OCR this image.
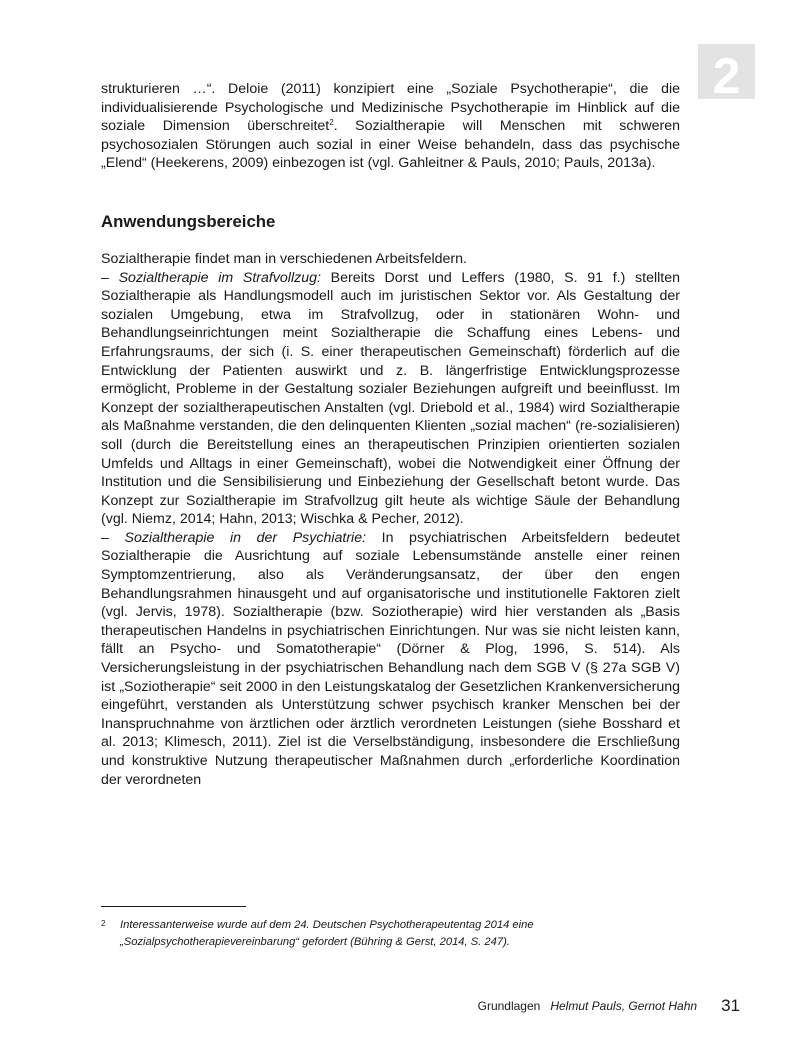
2

strukturieren …“. Deloie (2011) konzipiert eine „Soziale Psychotherapie“, die die individualisierende Psychologische und Medizinische Psychotherapie im Hinblick auf die soziale Dimension überschreitet$^2$. Sozialtherapie will Menschen mit schweren psychosozialen Störungen auch sozial in einer Weise behandeln, dass das psychische „Elend“ (Heekerens, 2009) einbezogen ist (vgl. Gahleitner & Pauls, 2010; Pauls, 2013a).

Anwendungsbereiche

Sozialtherapie findet man in verschiedenen Arbeitsfeldern.

– Sozialtherapie im Strafvollzug: Bereits Dorst und Leffers (1980, S. 91 f.) stellten Sozialtherapie als Handlungsmodell auch im juristischen Sektor vor. Als Gestaltung der sozialen Umgebung, etwa im Strafvollzug, oder in stationären Wohn- und Behandlungseinrichtungen meint Sozialtherapie die Schaffung eines Lebens- und Erfahrungsraums, der sich (i. S. einer therapeutischen Gemeinschaft) förderlich auf die Entwicklung der Patienten auswirkt und z. B. längerfristige Entwicklungsprozesse ermöglicht, Probleme in der Gestaltung sozialer Beziehungen aufgreift und beeinflusst. Im Konzept der sozialtherapeutischen Anstalten (vgl. Driebold et al., 1984) wird Sozialtherapie als Maßnahme verstanden, die den delinquenten Klienten „sozial machen“ (re-sozialisieren) soll (durch die Bereitstellung eines an therapeutischen Prinzipien orientierten sozialen Umfelds und Alltags in einer Gemeinschaft), wobei die Notwendigkeit einer Öffnung der Institution und die Sensibilisierung und Einbeziehung der Gesellschaft betont wurde. Das Konzept zur Sozialtherapie im Strafvollzug gilt heute als wichtige Säule der Behandlung (vgl. Niemz, 2014; Hahn, 2013; Wischka & Pecher, 2012).

– Sozialtherapie in der Psychiatrie: In psychiatrischen Arbeitsfeldern bedeutet Sozialtherapie die Ausrichtung auf soziale Lebensumstände anstelle einer reinen Symptomzentrierung, also als Veränderungsansatz, der über den engen Behandlungsrahmen hinausgeht und auf organisatorische und institutionelle Faktoren zielt (vgl. Jervis, 1978). Sozialtherapie (bzw. Soziotherapie) wird hier verstanden als „Basis therapeutischen Handelns in psychiatrischen Einrichtungen. Nur was sie nicht leisten kann, fällt an Psycho- und Somatotherapie“ (Dörner & Plog, 1996, S. 514). Als Versicherungsleistung in der psychiatrischen Behandlung nach dem SGB V (§ 27a SGB V) ist „Soziotherapie“ seit 2000 in den Leistungskatalog der Gesetzlichen Krankenversicherung eingeführt, verstanden als Unterstützung schwer psychisch kranker Menschen bei der Inanspruchnahme von ärztlichen oder ärztlich verordneten Leistungen (siehe Bosshard et al. 2013; Klimesch, 2011). Ziel ist die Verselbständigung, insbesondere die Erschließung und konstruktive Nutzung therapeutischer Maßnahmen durch „erforderliche Koordination der verordneten

2 Interessanterweise wurde auf dem 24. Deutschen Psychotherapeutentag 2014 eine „Sozialpsychotherapievereinbarung“ gefordert (Bühring & Gerst, 2014, S. 247).
Grundlagen Helmut Pauls, Gernot Hahn 31
